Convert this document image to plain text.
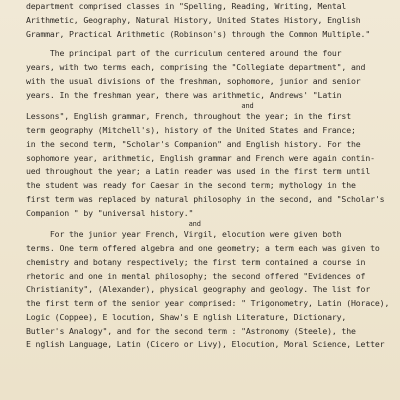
department comprised classes in "Spelling, Reading, Writing, Mental
Arithmetic, Geography, Natural History, United States History, English
Grammar, Practical Arithmetic (Robinson's) through the Common Multiple."
The principal part of the curriculum centered around the four
years, with two terms each, comprising the "Collegiate department", and
with the usual divisions of the freshman, sophomore, junior and senior
years. In the freshman year, there was arithmetic, Andrews' "Latin
and
Lessons", English grammar, French, throughout the year; in the first
term geography (Mitchell's), history of the United States and France;
in the second term, "Scholar's Companion" and English history. For the
sophomore year, arithmetic, English grammar and French were again contin-
ued throughout the year; a Latin reader was used in the first term until
the student was ready for Caesar in the second term; mythology in the
first term was replaced by natural philosophy in the second, and "Scholar's
Companion " by "universal history."
and
For the junior year French, Virgil, elocution were given both
terms. One term offered algebra and one geometry; a term each was given to
chemistry and botany respectively; the first term contained a course in
rhetoric and one in mental philosophy; the second offered "Evidences of
Christianity", (Alexander), physical geography and geology. The list for
the first term of the senior year comprised: " Trigonometry, Latin (Horace),
Logic (Coppee), E locution, Shaw's E nglish Literature, Dictionary,
Butler's Analogy", and for the second term : "Astronomy (Steele), the
E nglish Language, Latin (Cicero or Livy), Elocution, Moral Science, Letter
